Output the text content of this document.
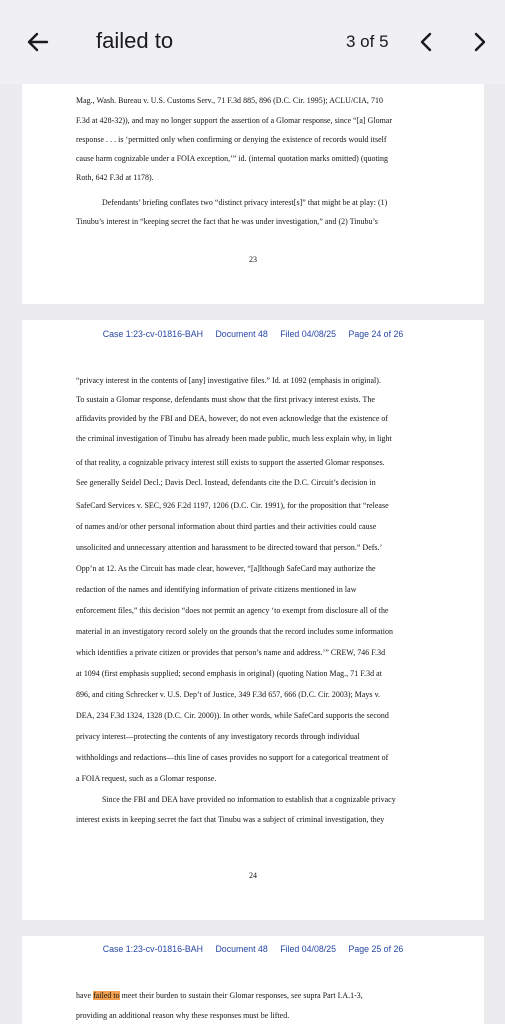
failed to	3 of 5
Mag., Wash. Bureau v. U.S. Customs Serv., 71 F.3d 885, 896 (D.C. Cir. 1995); ACLU/CIA, 710
F.3d at 428-32)), and may no longer support the assertion of a Glomar response, since “[a] Glomar
response . . . is ‘permitted only when confirming or denying the existence of records would itself
cause harm cognizable under a FOIA exception,’” id. (internal quotation marks omitted) (quoting
Roth, 642 F.3d at 1178).
Defendants’ briefing conflates two “distinct privacy interest[s]” that might be at play: (1)
Tinubu’s interest in “keeping secret the fact that he was under investigation,” and (2) Tinubu’s
23
Case 1:23-cv-01816-BAH Document 48 Filed 04/08/25 Page 24 of 26
“privacy interest in the contents of [any] investigative files.” Id. at 1092 (emphasis in original).
To sustain a Glomar response, defendants must show that the first privacy interest exists. The
affidavits provided by the FBI and DEA, however, do not even acknowledge that the existence of
the criminal investigation of Tinubu has already been made public, much less explain why, in light
of that reality, a cognizable privacy interest still exists to support the asserted Glomar responses.
See generally Seidel Decl.; Davis Decl. Instead, defendants cite the D.C. Circuit’s decision in
SafeCard Services v. SEC, 926 F.2d 1197, 1206 (D.C. Cir. 1991), for the proposition that “release
of names and/or other personal information about third parties and their activities could cause
unsolicited and unnecessary attention and harassment to be directed toward that person.” Defs.’
Opp’n at 12. As the Circuit has made clear, however, “[a]lthough SafeCard may authorize the
redaction of the names and identifying information of private citizens mentioned in law
enforcement files,” this decision “does not permit an agency ‘to exempt from disclosure all of the
material in an investigatory record solely on the grounds that the record includes some information
which identifies a private citizen or provides that person’s name and address.’” CREW, 746 F.3d
at 1094 (first emphasis supplied; second emphasis in original) (quoting Nation Mag., 71 F.3d at
896, and citing Schrecker v. U.S. Dep’t of Justice, 349 F.3d 657, 666 (D.C. Cir. 2003); Mays v.
DEA, 234 F.3d 1324, 1328 (D.C. Cir. 2000)). In other words, while SafeCard supports the second
privacy interest—protecting the contents of any investigatory records through individual
withholdings and redactions—this line of cases provides no support for a categorical treatment of
a FOIA request, such as a Glomar response.
Since the FBI and DEA have provided no information to establish that a cognizable privacy
interest exists in keeping secret the fact that Tinubu was a subject of criminal investigation, they
24
Case 1:23-cv-01816-BAH Document 48 Filed 04/08/25 Page 25 of 26
have failed to meet their burden to sustain their Glomar responses, see supra Part I.A.1-3,
providing an additional reason why these responses must be lifted.
